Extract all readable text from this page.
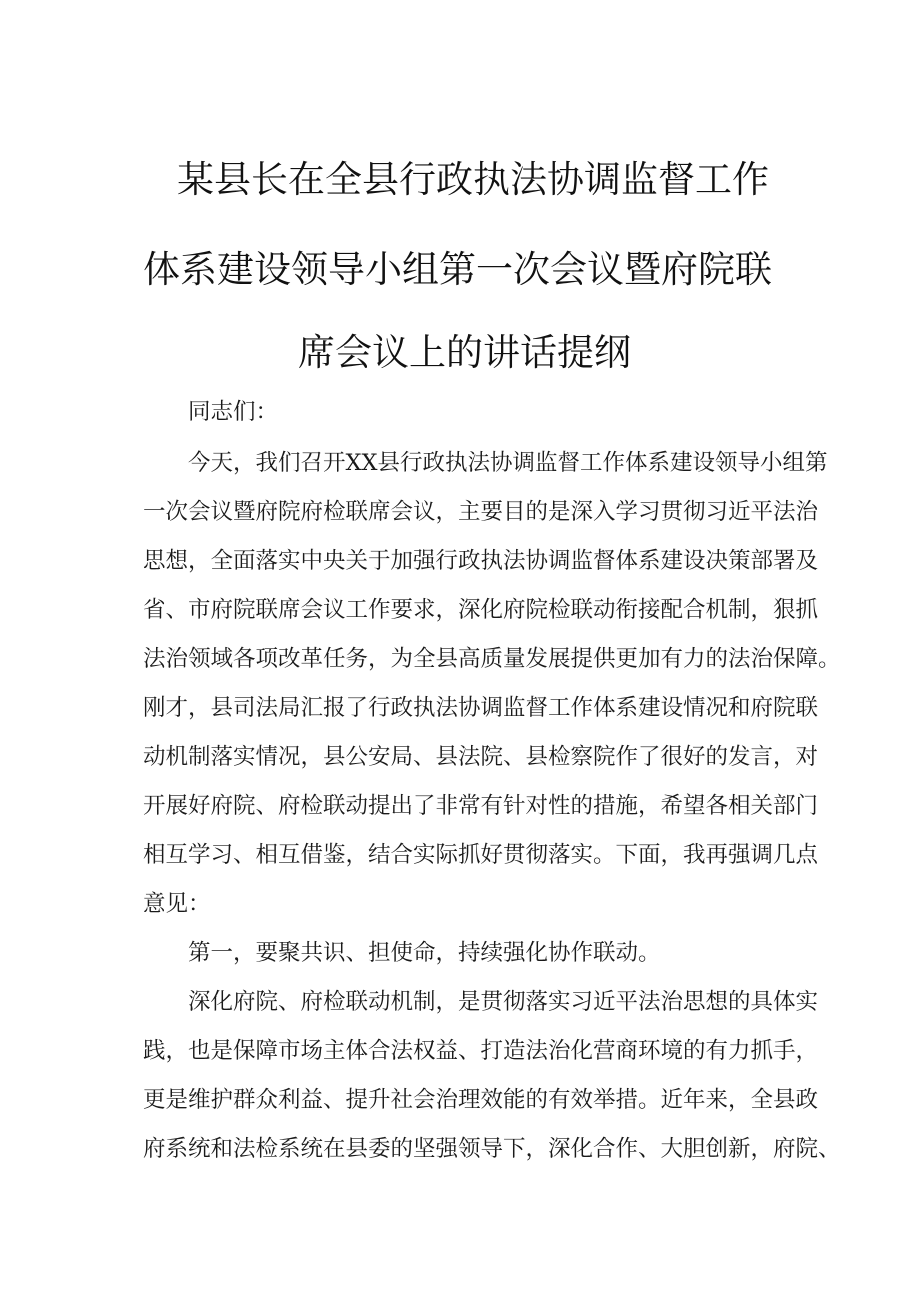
某县长在全县行政执法协调监督工作
体系建设领导小组第一次会议暨府院联
席会议上的讲话提纲
同志们：
今天，我们召开XX县行政执法协调监督工作体系建设领导小组第
一次会议暨府院府检联席会议，主要目的是深入学习贯彻习近平法治
思想，全面落实中央关于加强行政执法协调监督体系建设决策部署及
省、市府院联席会议工作要求，深化府院检联动衔接配合机制，狠抓
法治领域各项改革任务，为全县高质量发展提供更加有力的法治保障。
刚才，县司法局汇报了行政执法协调监督工作体系建设情况和府院联
动机制落实情况，县公安局、县法院、县检察院作了很好的发言，对
开展好府院、府检联动提出了非常有针对性的措施，希望各相关部门
相互学习、相互借鉴，结合实际抓好贯彻落实。下面，我再强调几点
意见：
第一，要聚共识、担使命，持续强化协作联动。
深化府院、府检联动机制，是贯彻落实习近平法治思想的具体实
践，也是保障市场主体合法权益、打造法治化营商环境的有力抓手，
更是维护群众利益、提升社会治理效能的有效举措。近年来，全县政
府系统和法检系统在县委的坚强领导下，深化合作、大胆创新，府院、
